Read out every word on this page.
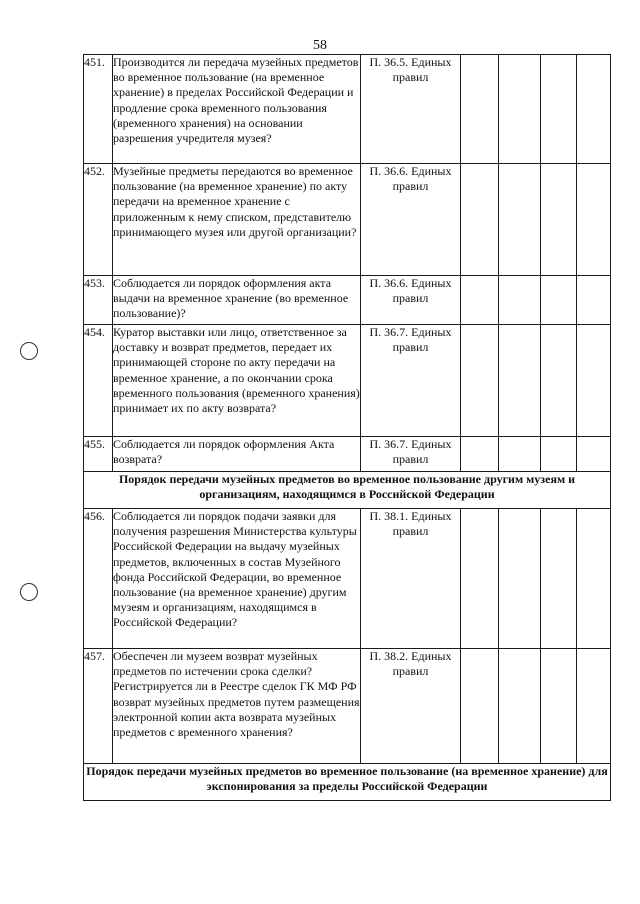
58
451.	Производится ли передача музейных предметов во временное пользование (на временное хранение) в пределах Российской Федерации и продление срока временного пользования (временного хранения) на основании разрешения учредителя музея?	П. 36.5. Единых правил				
452.	Музейные предметы передаются во временное пользование (на временное хранение) по акту передачи на временное хранение с приложенным к нему списком, представителю принимающего музея или другой организации?	П. 36.6. Единых правил				
453.	Соблюдается ли порядок оформления акта выдачи на временное хранение (во временное пользование)?	П. 36.6. Единых правил				
454.	Куратор выставки или лицо, ответственное за доставку и возврат предметов, передает их принимающей стороне по акту передачи на временное хранение, а по окончании срока временного пользования (временного хранения) принимает их по акту возврата?	П. 36.7. Единых правил				
455.	Соблюдается ли порядок оформления Акта возврата?	П. 36.7. Единых правил				
Порядок передачи музейных предметов во временное пользование другим музеям и организациям, находящимся в Российской Федерации						
456.	Соблюдается ли порядок подачи заявки для получения разрешения Министерства культуры Российской Федерации на выдачу музейных предметов, включенных в состав Музейного фонда Российской Федерации, во временное пользование (на временное хранение) другим музеям и организациям, находящимся в Российской Федерации?	П. 38.1. Единых правил				
457.	Обеспечен ли музеем возврат музейных предметов по истечении срока сделки? Регистрируется ли в Реестре сделок ГК МФ РФ возврат музейных предметов путем размещения электронной копии акта возврата музейных предметов с временного хранения?	П. 38.2. Единых правил				
Порядок передачи музейных предметов во временное пользование (на временное хранение) для экспонирования за пределы Российской Федерации						
